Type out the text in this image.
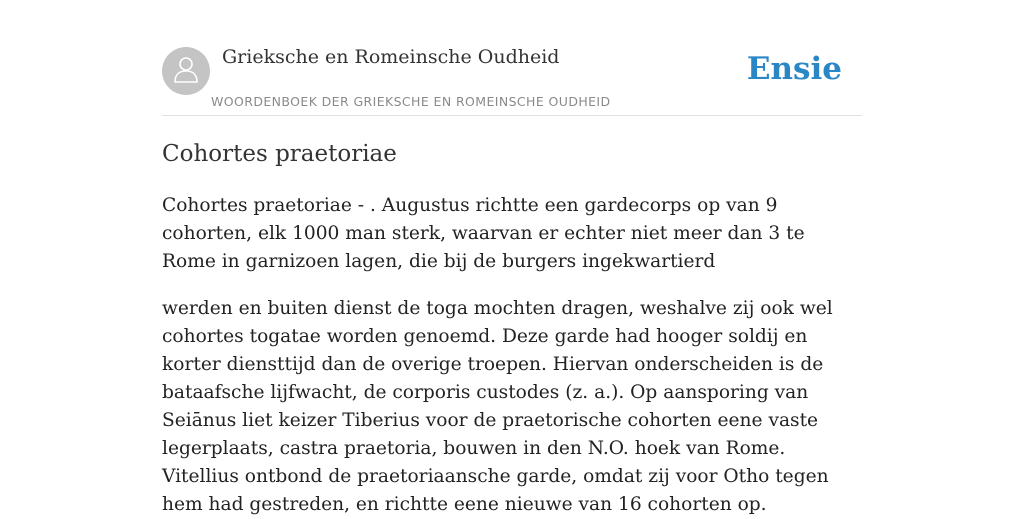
Grieksche en Romeinsche Oudheid
WOORDENBOEK DER GRIEKSCHE EN ROMEINSCHE OUDHEID
Ensie
Cohortes praetoriae

Cohortes praetoriae - . Augustus richtte een gardecorps op van 9 cohorten, elk 1000 man sterk, waarvan er echter niet meer dan 3 te Rome in garnizoen lagen, die bij de burgers ingekwartierd

werden en buiten dienst de toga mochten dragen, weshalve zij ook wel cohortes togatae worden genoemd. Deze garde had hooger soldij en korter diensttijd dan de overige troepen. Hiervan onderscheiden is de bataafsche lijfwacht, de corporis custodes (z. a.). Op aansporing van Seiānus liet keizer Tiberius voor de praetorische cohorten eene vaste legerplaats, castra praetoria, bouwen in den N.O. hoek van Rome. Vitellius ontbond de praetoriaansche garde, omdat zij voor Otho tegen hem had gestreden, en richtte eene nieuwe van 16 cohorten op.
